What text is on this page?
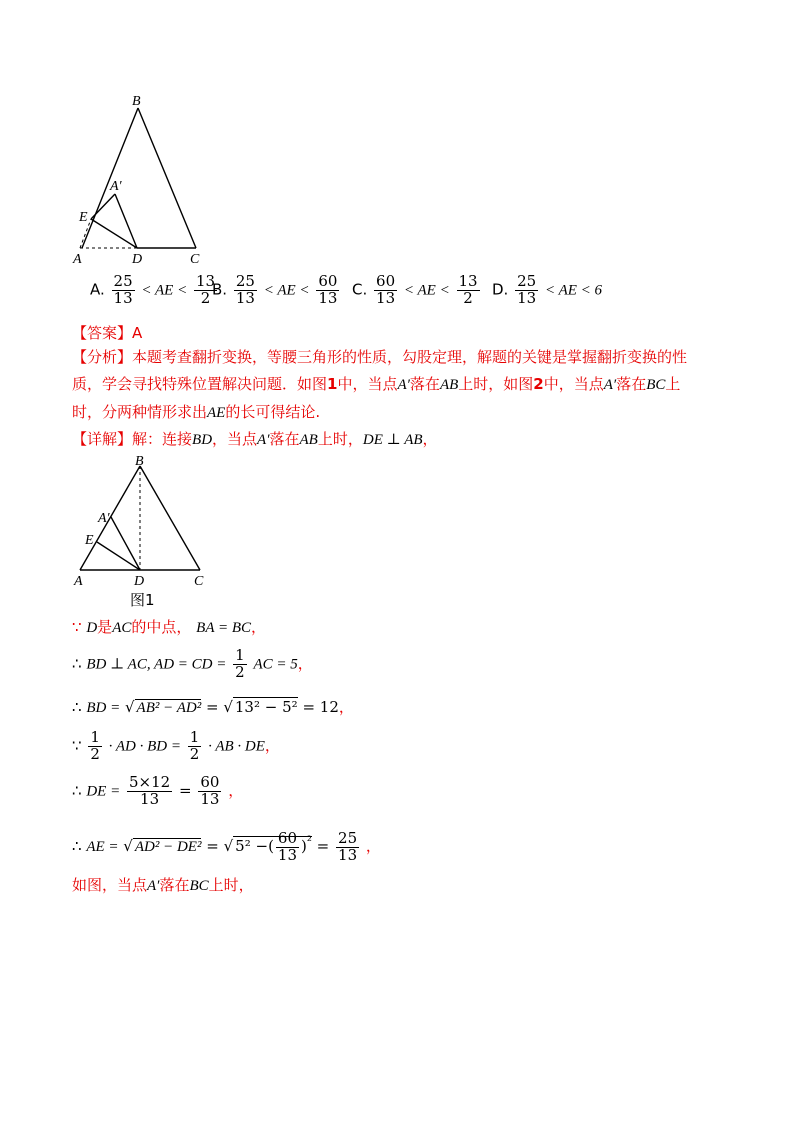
B
A′
E
A	D	C
A. $\frac{25}{13}$ < AE < $\frac{13}{2}$
B. $\frac{25}{13}$ < AE < $\frac{60}{13} C$. $\frac{60}{13}$ < AE < $\frac{13}{2} D$. $\frac{25}{13}$ < AE < 6
【答案】A
【分析】本题考查翻折变换，等腰三角形的性质，勾股定理，解题的关键是掌握翻折变换的性质，学会寻找特殊位置解决问题．如图1中，当点A′落在AB上时，如图2中，当点A′落在BC上时，分两种情形求出AE的长可得结论.
【详解】解：连接BD，当点A′落在AB上时，DE ⊥ AB，
B
A′
E
A	D	C
图1
∵ D是AC的中点， BA = BC，
∴ BD ⊥ AC, AD = CD = $\frac{1}{2}$ AC = 5，
∴ BD = √ AB² − AD² = √ 13² − 5² = 12，
∵ $\frac{1}{2}$ · AD · BD = $\frac{1}{2}$ · AB · DE，
∴ DE = $\frac{5\times 12}{13} = \frac{60}{13}$ ，
∴ AE = √ AD² − DE² = √ 5² −( $\frac{60}{13} )^{^2} = \frac{25}{13}$ ，
如图，当点A′落在BC上时，
